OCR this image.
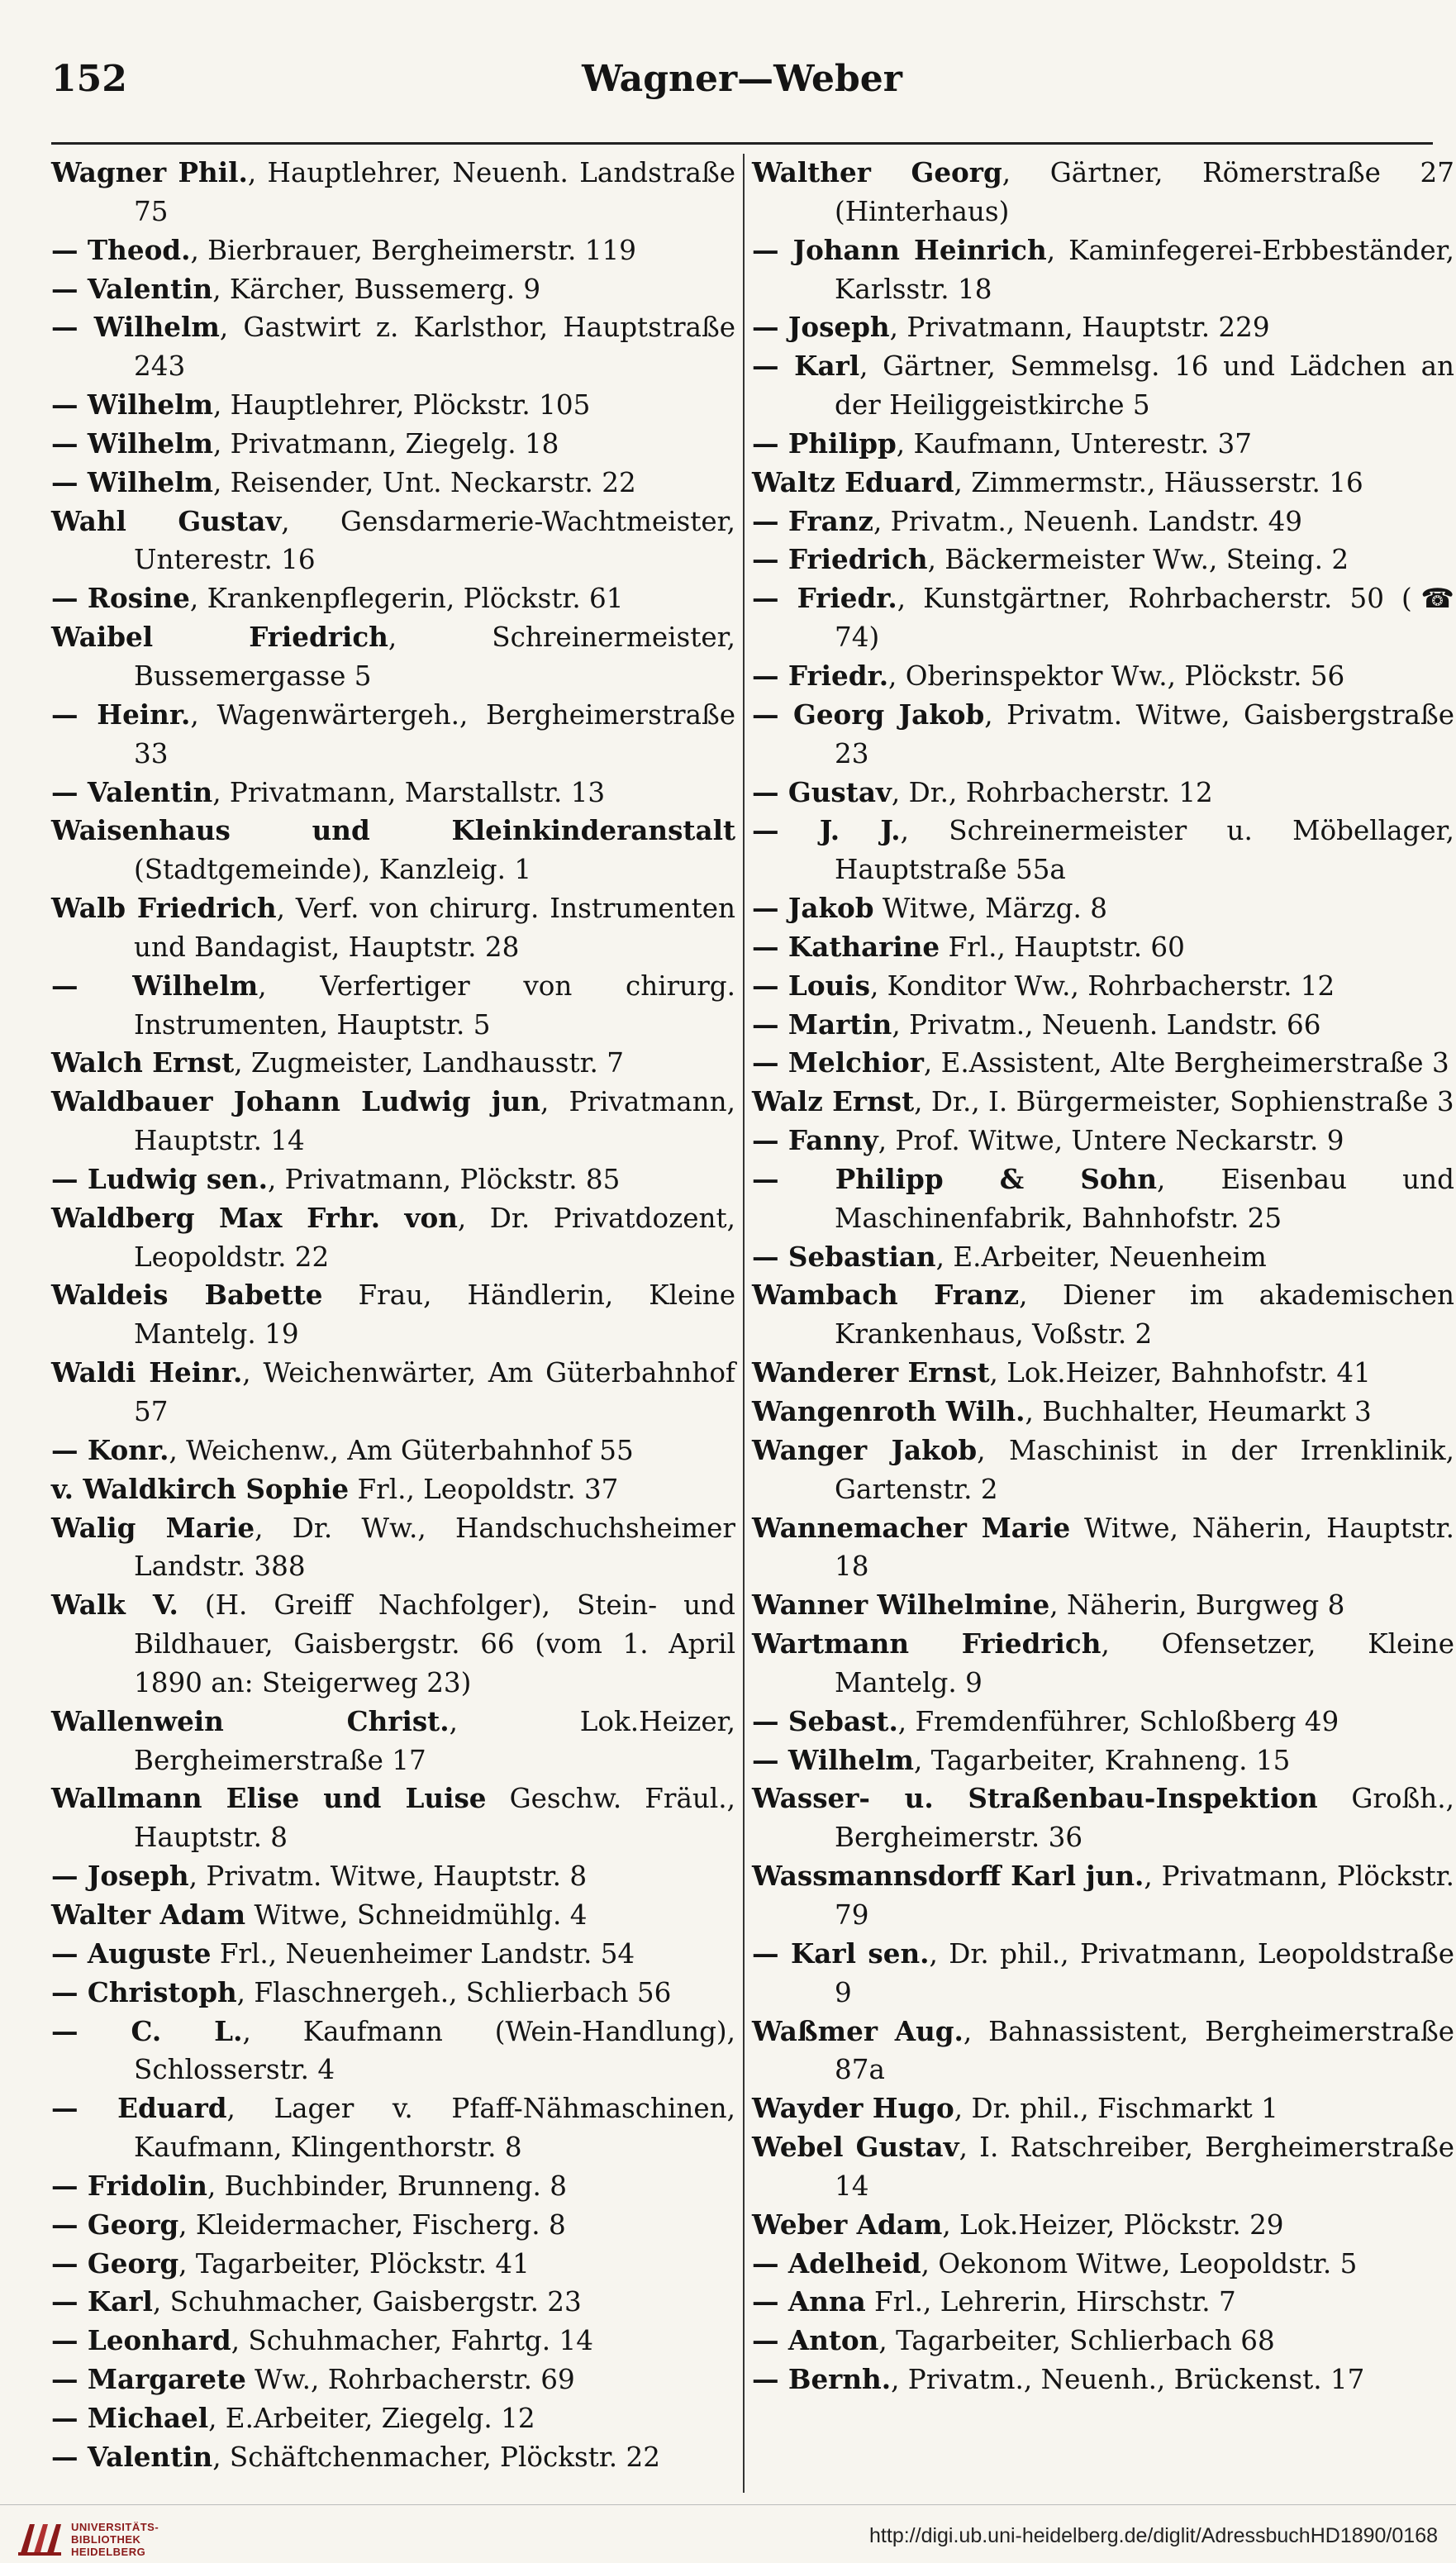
Wagner—Weber
152

Wagner Phil., Hauptlehrer, Neuenh. Landstraße 75

— Theod., Bierbrauer, Bergheimerstr. 119

— Valentin, Kärcher, Bussemerg. 9

— Wilhelm, Gastwirt z. Karlsthor, Hauptstraße 243

— Wilhelm, Hauptlehrer, Plöckstr. 105

— Wilhelm, Privatmann, Ziegelg. 18

— Wilhelm, Reisender, Unt. Neckarstr. 22

Wahl Gustav, Gensdarmerie-Wachtmeister, Unterestr. 16

— Rosine, Krankenpflegerin, Plöckstr. 61

Waibel Friedrich, Schreinermeister, Bussemergasse 5

— Heinr., Wagenwärtergeh., Bergheimerstraße 33

— Valentin, Privatmann, Marstallstr. 13

Waisenhaus und Kleinkinderanstalt (Stadtgemeinde), Kanzleig. 1

Walb Friedrich, Verf. von chirurg. Instrumenten und Bandagist, Hauptstr. 28

— Wilhelm, Verfertiger von chirurg. Instrumenten, Hauptstr. 5

Walch Ernst, Zugmeister, Landhausstr. 7

Waldbauer Johann Ludwig jun, Privatmann, Hauptstr. 14

— Ludwig sen., Privatmann, Plöckstr. 85

Waldberg Max Frhr. von, Dr. Privatdozent, Leopoldstr. 22

Waldeis Babette Frau, Händlerin, Kleine Mantelg. 19

Waldi Heinr., Weichenwärter, Am Güterbahnhof 57

— Konr., Weichenw., Am Güterbahnhof 55

v. Waldkirch Sophie Frl., Leopoldstr. 37

Walig Marie, Dr. Ww., Handschuchsheimer Landstr. 388

Walk V. (H. Greiff Nachfolger), Stein- und Bildhauer, Gaisbergstr. 66 (vom 1. April 1890 an: Steigerweg 23)

Wallenwein Christ., Lok.Heizer, Bergheimerstraße 17

Wallmann Elise und Luise Geschw. Fräul., Hauptstr. 8

— Joseph, Privatm. Witwe, Hauptstr. 8

Walter Adam Witwe, Schneidmühlg. 4

— Auguste Frl., Neuenheimer Landstr. 54

— Christoph, Flaschnergeh., Schlierbach 56

— C. L., Kaufmann (Wein-Handlung), Schlosserstr. 4

— Eduard, Lager v. Pfaff-Nähmaschinen, Kaufmann, Klingenthorstr. 8

— Fridolin, Buchbinder, Brunneng. 8

— Georg, Kleidermacher, Fischerg. 8

— Georg, Tagarbeiter, Plöckstr. 41

— Karl, Schuhmacher, Gaisbergstr. 23

— Leonhard, Schuhmacher, Fahrtg. 14

— Margarete Ww., Rohrbacherstr. 69

— Michael, E.Arbeiter, Ziegelg. 12

— Valentin, Schäftchenmacher, Plöckstr. 22

Walther Georg, Gärtner, Römerstraße 27 (Hinterhaus)

— Johann Heinrich, Kaminfegerei-Erbbeständer, Karlsstr. 18

— Joseph, Privatmann, Hauptstr. 229

— Karl, Gärtner, Semmelsg. 16 und Lädchen an der Heiliggeistkirche 5

— Philipp, Kaufmann, Unterestr. 37

Waltz Eduard, Zimmermstr., Häusserstr. 16

— Franz, Privatm., Neuenh. Landstr. 49

— Friedrich, Bäckermeister Ww., Steing. 2

— Friedr., Kunstgärtner, Rohrbacherstr. 50 (☎ 74)

— Friedr., Oberinspektor Ww., Plöckstr. 56

— Georg Jakob, Privatm. Witwe, Gaisbergstraße 23

— Gustav, Dr., Rohrbacherstr. 12

— J. J., Schreinermeister u. Möbellager, Hauptstraße 55a

— Jakob Witwe, Märzg. 8

— Katharine Frl., Hauptstr. 60

— Louis, Konditor Ww., Rohrbacherstr. 12

— Martin, Privatm., Neuenh. Landstr. 66

— Melchior, E.Assistent, Alte Bergheimerstraße 3

Walz Ernst, Dr., I. Bürgermeister, Sophienstraße 3

— Fanny, Prof. Witwe, Untere Neckarstr. 9

— Philipp & Sohn, Eisenbau und Maschinenfabrik, Bahnhofstr. 25

— Sebastian, E.Arbeiter, Neuenheim

Wambach Franz, Diener im akademischen Krankenhaus, Voßstr. 2

Wanderer Ernst, Lok.Heizer, Bahnhofstr. 41

Wangenroth Wilh., Buchhalter, Heumarkt 3

Wanger Jakob, Maschinist in der Irrenklinik, Gartenstr. 2

Wannemacher Marie Witwe, Näherin, Hauptstr. 18

Wanner Wilhelmine, Näherin, Burgweg 8

Wartmann Friedrich, Ofensetzer, Kleine Mantelg. 9

— Sebast., Fremdenführer, Schloßberg 49

— Wilhelm, Tagarbeiter, Krahneng. 15

Wasser- u. Straßenbau-Inspektion Großh., Bergheimerstr. 36

Wassmannsdorff Karl jun., Privatmann, Plöckstr. 79

— Karl sen., Dr. phil., Privatmann, Leopoldstraße 9

Waßmer Aug., Bahnassistent, Bergheimerstraße 87a

Wayder Hugo, Dr. phil., Fischmarkt 1

Webel Gustav, I. Ratschreiber, Bergheimerstraße 14

Weber Adam, Lok.Heizer, Plöckstr. 29

— Adelheid, Oekonom Witwe, Leopoldstr. 5

— Anna Frl., Lehrerin, Hirschstr. 7

— Anton, Tagarbeiter, Schlierbach 68

— Bernh., Privatm., Neuenh., Brückenst. 17

UNIVERSITÄTS-
BIBLIOTHEK
HEIDELBERG
http://digi.ub.uni-heidelberg.de/diglit/AdressbuchHD1890/0168
